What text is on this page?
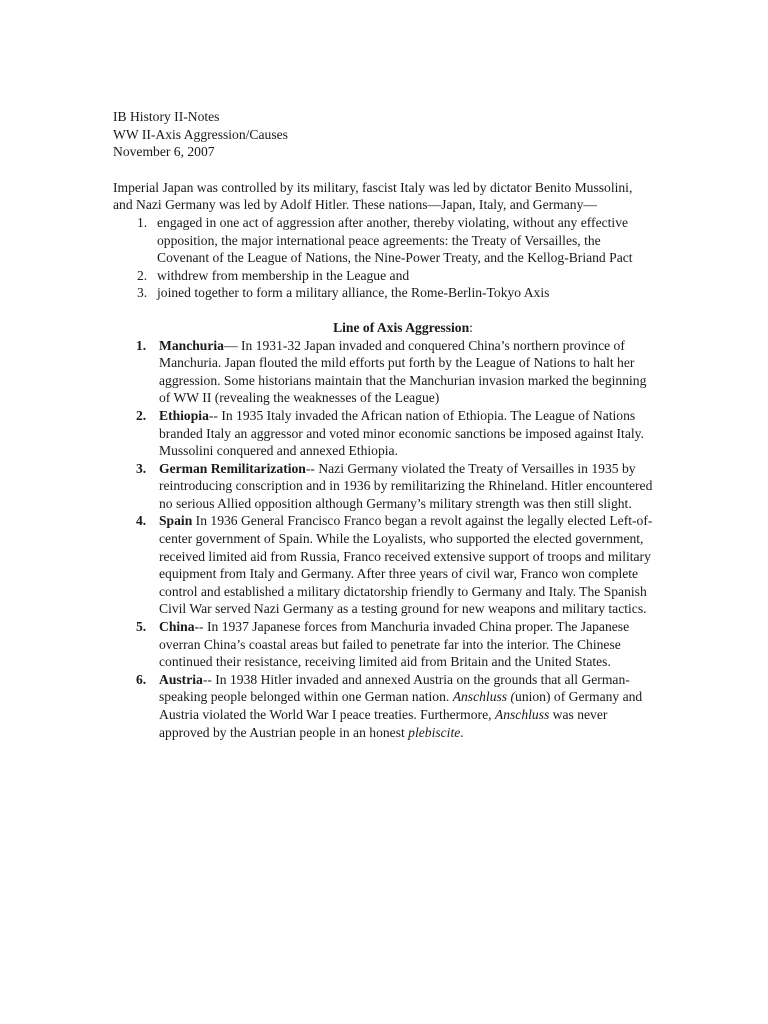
IB History II-Notes
WW II-Axis Aggression/Causes
November 6, 2007
Imperial Japan was controlled by its military, fascist Italy was led by dictator Benito Mussolini, and Nazi Germany was led by Adolf Hitler. These nations—Japan, Italy, and Germany—
1. engaged in one act of aggression after another, thereby violating, without any effective opposition, the major international peace agreements: the Treaty of Versailles, the Covenant of the League of Nations, the Nine-Power Treaty, and the Kellog-Briand Pact
2. withdrew from membership in the League and
3. joined together to form a military alliance, the Rome-Berlin-Tokyo Axis
Line of Axis Aggression:
1. Manchuria— In 1931-32 Japan invaded and conquered China’s northern province of Manchuria. Japan flouted the mild efforts put forth by the League of Nations to halt her aggression. Some historians maintain that the Manchurian invasion marked the beginning of WW II (revealing the weaknesses of the League)
2. Ethiopia-- In 1935 Italy invaded the African nation of Ethiopia. The League of Nations branded Italy an aggressor and voted minor economic sanctions be imposed against Italy. Mussolini conquered and annexed Ethiopia.
3. German Remilitarization-- Nazi Germany violated the Treaty of Versailles in 1935 by reintroducing conscription and in 1936 by remilitarizing the Rhineland. Hitler encountered no serious Allied opposition although Germany’s military strength was then still slight.
4. Spain In 1936 General Francisco Franco began a revolt against the legally elected Left-of-center government of Spain. While the Loyalists, who supported the elected government, received limited aid from Russia, Franco received extensive support of troops and military equipment from Italy and Germany. After three years of civil war, Franco won complete control and established a military dictatorship friendly to Germany and Italy. The Spanish Civil War served Nazi Germany as a testing ground for new weapons and military tactics.
5. China-- In 1937 Japanese forces from Manchuria invaded China proper. The Japanese overran China’s coastal areas but failed to penetrate far into the interior. The Chinese continued their resistance, receiving limited aid from Britain and the United States.
6. Austria-- In 1938 Hitler invaded and annexed Austria on the grounds that all German-speaking people belonged within one German nation. Anschluss (union) of Germany and Austria violated the World War I peace treaties. Furthermore, Anschluss was never approved by the Austrian people in an honest plebiscite.
